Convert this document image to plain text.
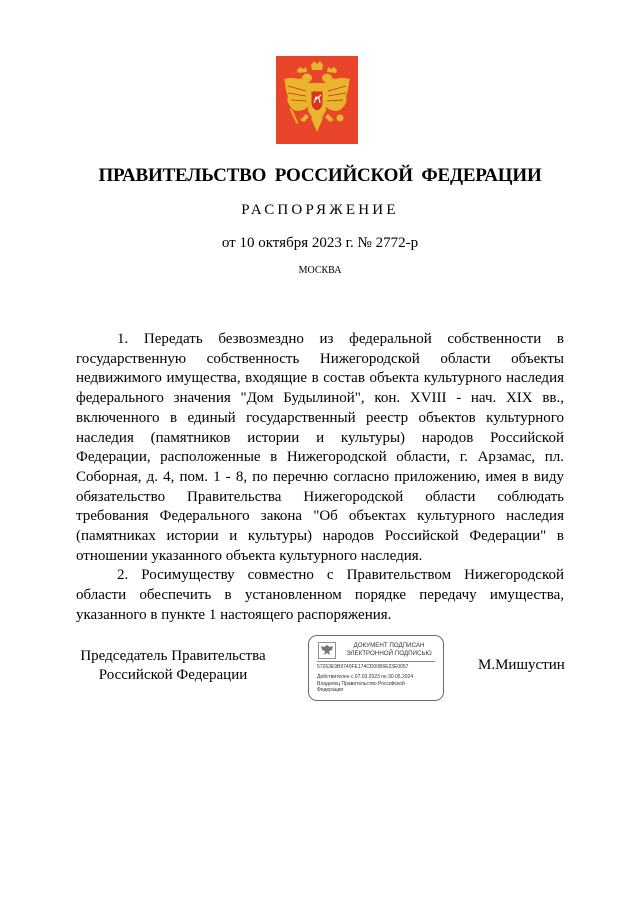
ПРАВИТЕЛЬСТВО РОССИЙСКОЙ ФЕДЕРАЦИИ
РАСПОРЯЖЕНИЕ
от 10 октября 2023 г. № 2772-р
МОСКВА

1. Передать безвозмездно из федеральной собственности в государственную собственность Нижегородской области объекты недвижимого имущества, входящие в состав объекта культурного наследия федерального значения "Дом Будылиной", кон. XVIII - нач. XIX вв., включенного в единый государственный реестр объектов культурного наследия (памятников истории и культуры) народов Российской Федерации, расположенные в Нижегородской области, г. Арзамас, пл. Соборная, д. 4, пом. 1 - 8, по перечню согласно приложению, имея в виду обязательство Правительства Нижегородской области соблюдать требования Федерального закона "Об объектах культурного наследия (памятниках истории и культуры) народов Российской Федерации" в отношении указанного объекта культурного наследия.

2. Росимуществу совместно с Правительством Нижегородской области обеспечить в установленном порядке передачу имущества, указанного в пункте 1 настоящего распоряжения.

Председатель Правительства
Российской Федерации
ДОКУМЕНТ ПОДПИСАН
ЭЛЕКТРОННОЙ ПОДПИСЬЮ
57263E9B9740FE174CD00B6E23E0057
Действителен с 07.03.2023 по 30.05.2024
Владелец Правительство Российской
Федерации
М.Мишустин
